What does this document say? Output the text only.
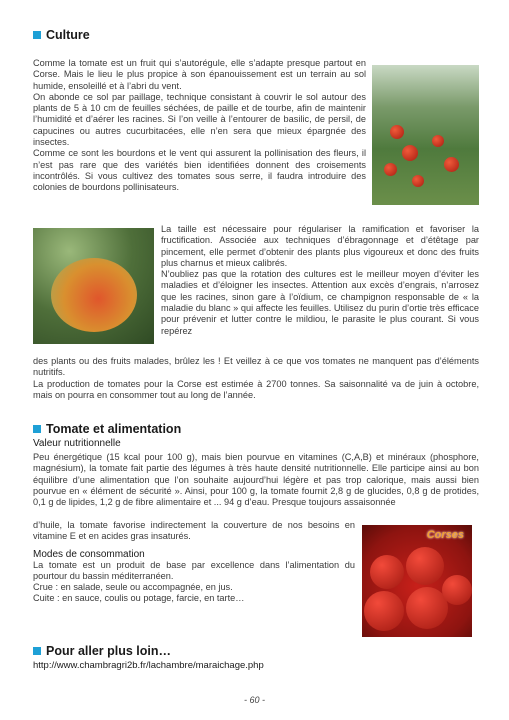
Culture

Comme la tomate est un fruit qui s’autorégule, elle s’adapte presque partout en Corse. Mais le lieu le plus propice à son épanouissement est un terrain au sol humide, ensoleillé et à l’abri du vent.

On abonde ce sol par paillage, technique consistant à couvrir le sol autour des plants de 5 à 10 cm de feuilles séchées, de paille et de tourbe, afin de maintenir l’humidité et d’aérer les racines. Si l’on veille à l’entourer de basilic, de persil, de capucines ou autres cucurbitacées, elle n’en sera que mieux épargnée des insectes.

Comme ce sont les bourdons et le vent qui assurent la pollinisation des fleurs, il n’est pas rare que des variétés bien identifiées donnent des croisements incontrôlés. Si vous cultivez des tomates sous serre, il faudra introduire des colonies de bourdons pollinisateurs.

La taille est nécessaire pour régulariser la ramification et favoriser la fructification. Associée aux techniques d’ébragonnage et d’étêtage par pincement, elle permet d’obtenir des plants plus vigoureux et donc des fruits plus charnus et mieux calibrés.

N’oubliez pas que la rotation des cultures est le meilleur moyen d’éviter les maladies et d’éloigner les insectes. Attention aux excès d’engrais, n’arrosez que les racines, sinon gare à l’oïdium, ce champignon responsable de « la maladie du blanc » qui affecte les feuilles. Utilisez du purin d’ortie très efficace pour prévenir et lutter contre le mildiou, le parasite le plus courant. Si vous repérez

des plants ou des fruits malades, brûlez les ! Et veillez à ce que vos tomates ne manquent pas d’éléments nutritifs.

La production de tomates pour la Corse est estimée à 2700 tonnes. Sa saisonnalité va de juin à octobre, mais on pourra en consommer tout au long de l’année.

Tomate et alimentation

Valeur nutritionnelle

Peu énergétique (15 kcal pour 100 g), mais bien pourvue en vitamines (C,A,B) et minéraux (phosphore, magnésium), la tomate fait partie des légumes à très haute densité nutritionnelle. Elle participe ainsi au bon équilibre d’une alimentation que l’on souhaite aujourd’hui légère et pas trop calorique, mais aussi bien pourvue en « élément de sécurité ». Ainsi, pour 100 g, la tomate fournit 2,8 g de glucides, 0,8 g de protides, 0,1 g de lipides, 1,2 g de fibre alimentaire et ... 94 g d’eau. Presque toujours assaisonnée

d’huile, la tomate favorise indirectement la couverture de nos besoins en vitamine E et en acides gras insaturés.

Modes de consommation

La tomate est un produit de base par excellence dans l’alimentation du pourtour du bassin méditerranéen.

Crue : en salade, seule ou accompagnée, en jus.

Cuite : en sauce, coulis ou potage, farcie, en tarte…

Corses
Pour aller plus loin…

http://www.chambragri2b.fr/lachambre/maraichage.php

- 60 -
